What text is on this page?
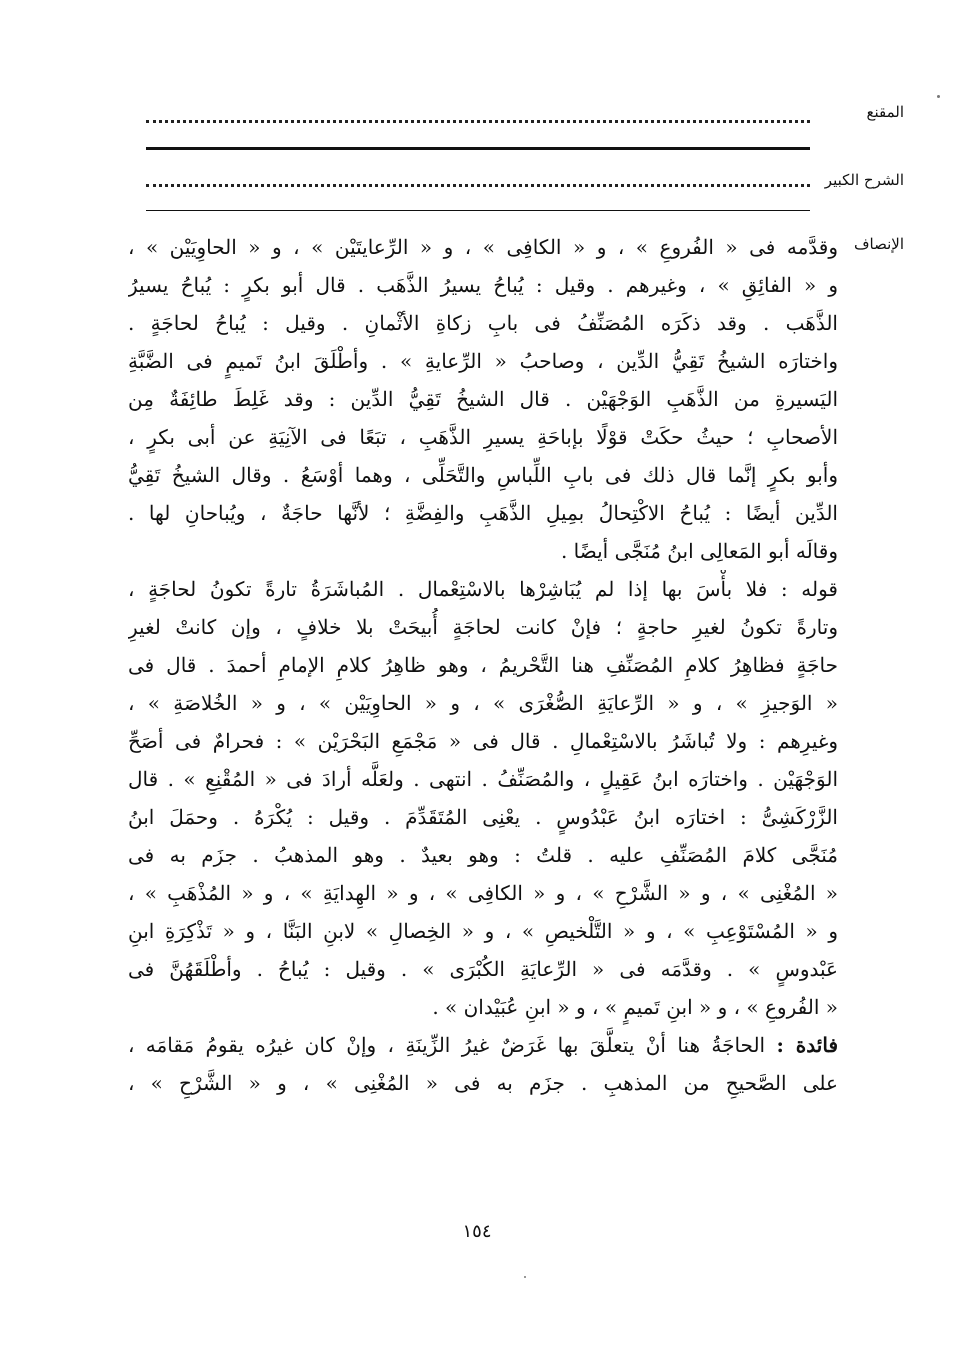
المقنع
الشرح الكبير
الإنصاف
وقدَّمه فى « الفُروعِ » ، و « الكافِى » ، و « الرِّعايتَيْن » ، و « الحاوِيَيْن » ،
و « الفائِقِ » ، وغيرهم . وقيل : يُباحُ يسيرُ الذَّهَب . قال أبو بكرٍ : يُباحُ يسيرُ
الذَّهَب . وقد ذكَرَه المُصَنِّفُ فى بابِ زكاةِ الأثْمانِ . وقيل : يُباحُ لحاجَةٍ .
واختارَه الشيخُ تَقِيُّ الدِّين ، وصاحبُ « الرِّعايةِ » . وأطْلَقَ ابنُ تَميمٍ فى الضَّبَّةِ
اليَسيرةِ من الذَّهَبِ الوَجْهَيْن . قال الشيخُ تَقِيُّ الدِّين : وقد غَلِطَ طائِفَةٌ مِن
الأصحابِ ؛ حيثُ حكَتْ قوْلًا بإباحَةِ يسيرِ الذَّهَبِ ، تبَعًا فى الآنِيَةِ عن أبى بكرٍ ،
وأبو بكرٍ إنَّما قال ذلك فى بابِ اللِّباسِ والتَّحَلِّى ، وهما أوْسَعُ . وقال الشيخُ تَقِيُّ
الدِّين أيضًا : يُباحُ الاكْتِحالُ بمِيلِ الذَّهَبِ والفِضَّةِ ؛ لأنَّها حاجَةٌ ، ويُباحانِ لها .
وقالَه أبو المَعالِى ابنُ مُنَجَّى أيضًا .
قوله : فلا بأْسَ بها إذا لم يُبَاشِرْها بالاسْتِعْمال . المُباشَرَةُ تارةً تكونُ لحاجَةٍ ،
وتارةً تكونُ لغيرِ حاجةٍ ؛ فإنْ كانت لحاجَةٍ أُبيحَتْ بلا خلافٍ ، وإن كانتْ لغيرِ
حاجَةٍ فظاهِرُ كلامِ المُصَنِّفِ هنا التَّحْريمُ ، وهو ظاهِرُ كلامِ الإمامِ أحمدَ . قال فى
« الوَجيزِ » ، و « الرِّعايَةِ الصُّغْرَى » ، و « الحاوِيَيْن » ، و « الخُلاصَةِ » ،
وغيرِهم : ولا تُباشَرُ بالاسْتِعْمالِ . قال فى « مَجْمَعِ البَحْرَيْن » : فحرامٌ فى أصَحِّ
الوَجْهَيْن . واختارَه ابنُ عَقِيلٍ ، والمُصَنِّفُ . انتهى . ولعَلَّه أرادَ فى « المُقْنِعِ » . قال
الزَّرْكَشِىُّ : اختارَه ابنُ عَبْدُوسٍ . يعْنِى المُتَقَدِّمَ . وقيل : يُكْرَهُ . وحمَلَ ابنُ
مُنَجَّى كلامَ المُصَنِّفِ عليه . قلتُ : وهو بعيدٌ . وهو المذهبُ . جزَم به فى
« المُغْنِى » ، و « الشَّرْحِ » ، و « الكافِى » ، و « الهِدايَةِ » ، و « المُذْهَبِ » ،
و « المُسْتَوْعِبِ » ، و « التَّلْخيصِ » ، و « الخِصالِ » لابنِ البَنَّا ، و « تَذْكِرَةِ ابنِ
عَبْدوسٍ » . وقدَّمَه فى « الرِّعايَةِ الكُبْرَى » . وقيل : يُباحُ . وأطْلَقَهُنَّ فى
« الفُروعِ » ، و « ابنِ تَميمٍ » ، و « ابنِ عُبَيْدان » .
فائدة : الحاجَةُ هنا أنْ يتعلَّقَ بها غَرَضٌ غيرُ الزِّينَةِ ، وإنْ كان غيرُه يقومُ مَقامَه ،
على الصَّحيحِ من المذهبِ . جزَم به فى « المُغْنِى » ، و « الشَّرْحِ » ،
١٥٤
